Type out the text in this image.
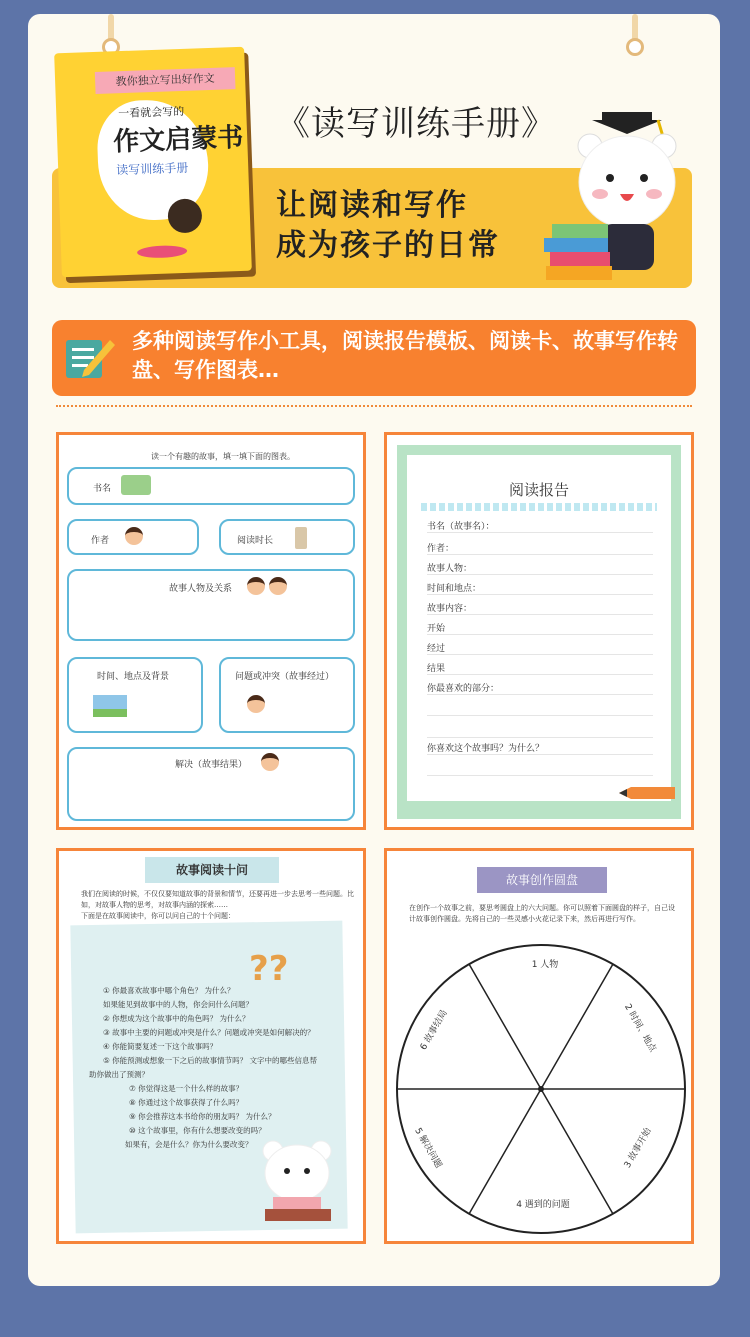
教你独立写出好作文
一看就会写的
作文启蒙书
读写训练手册
《读写训练手册》
让阅读和写作
成为孩子的日常
多种阅读写作小工具，阅读报告模板、阅读卡、故事写作转盘、写作图表…
读一个有趣的故事，填一填下面的图表。
书名
作者	阅读时长
故事人物及关系
时间、地点及背景	问题或冲突（故事经过）
解决（故事结果）
阅读报告
书名（故事名）：
作者：
故事人物：
时间和地点：
故事内容：
开始
经过
结果
你最喜欢的部分：
你喜欢这个故事吗？为什么？
故事阅读十问
我们在阅读的时候，不仅仅要知道故事的背景和情节，还要再进一步去思考一些问题。比如，对故事人物的思考，对故事内涵的探索……
下面是在故事阅读中，你可以问自己的十个问题：
??
① 你最喜欢故事中哪个角色？ 为什么？
如果能见到故事中的人物，你会问什么问题？
② 你想成为这个故事中的角色吗？ 为什么？
③ 故事中主要的问题或冲突是什么？问题或冲突是如何解决的？
④ 你能简要复述一下这个故事吗？
⑤ 你能预测或想象一下之后的故事情节吗？ 文字中的哪些信息帮
助你做出了预测？
⑦ 你觉得这是一个什么样的故事？
⑧ 你通过这个故事获得了什么吗？
⑨ 你会推荐这本书给你的朋友吗？ 为什么？
⑩ 这个故事里，你有什么想要改变的吗？
如果有，会是什么？你为什么要改变？
故事创作圆盘
在创作一个故事之前，要思考圆盘上的六大问题。你可以照着下面圆盘的样子，自己设计故事创作圆盘。先将自己的一些灵感小火花记录下来，然后再进行写作。
1 人物
2 时间、地点
3 故事开始
4 遇到的问题
5 解决问题
6 故事结局
